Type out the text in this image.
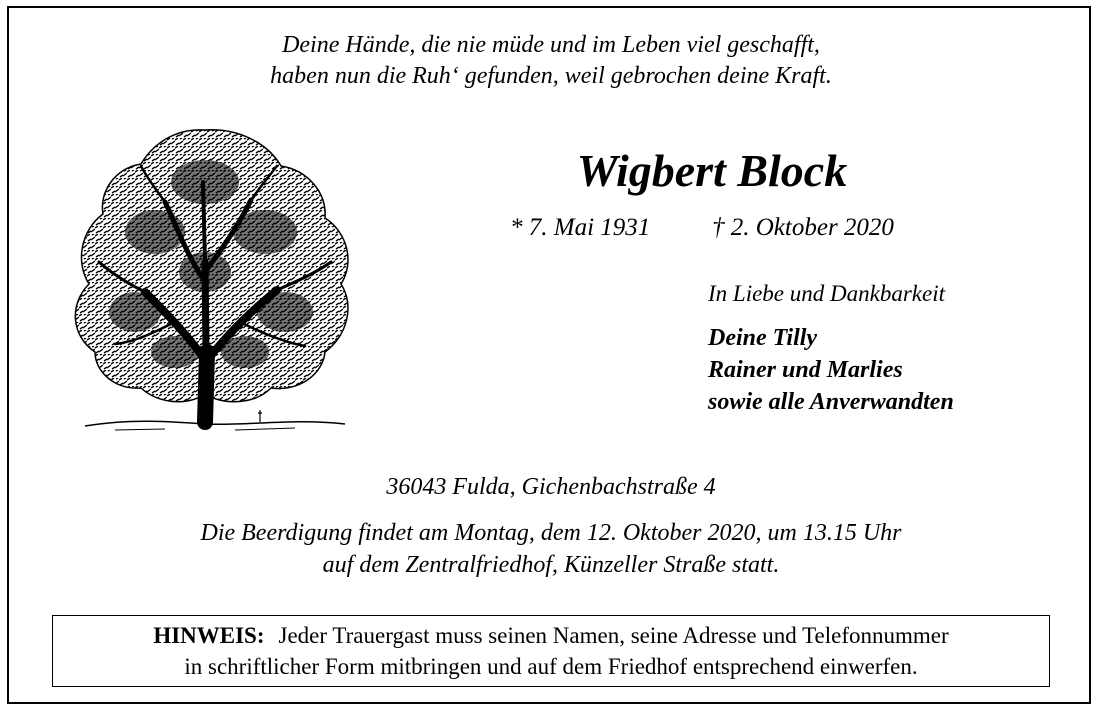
Deine Hände, die nie müde und im Leben viel geschafft,
haben nun die Ruh‘ gefunden, weil gebrochen deine Kraft.
Wigbert Block
* 7. Mai 1931 † 2. Oktober 2020
In Liebe und Dankbarkeit
Deine Tilly
Rainer und Marlies
sowie alle Anverwandten
36043 Fulda, Gichenbachstraße 4
Die Beerdigung findet am Montag, dem 12. Oktober 2020, um 13.15 Uhr
auf dem Zentralfriedhof, Künzeller Straße statt.
HINWEIS: Jeder Trauergast muss seinen Namen, seine Adresse und Telefonnummer
in schriftlicher Form mitbringen und auf dem Friedhof entsprechend einwerfen.
